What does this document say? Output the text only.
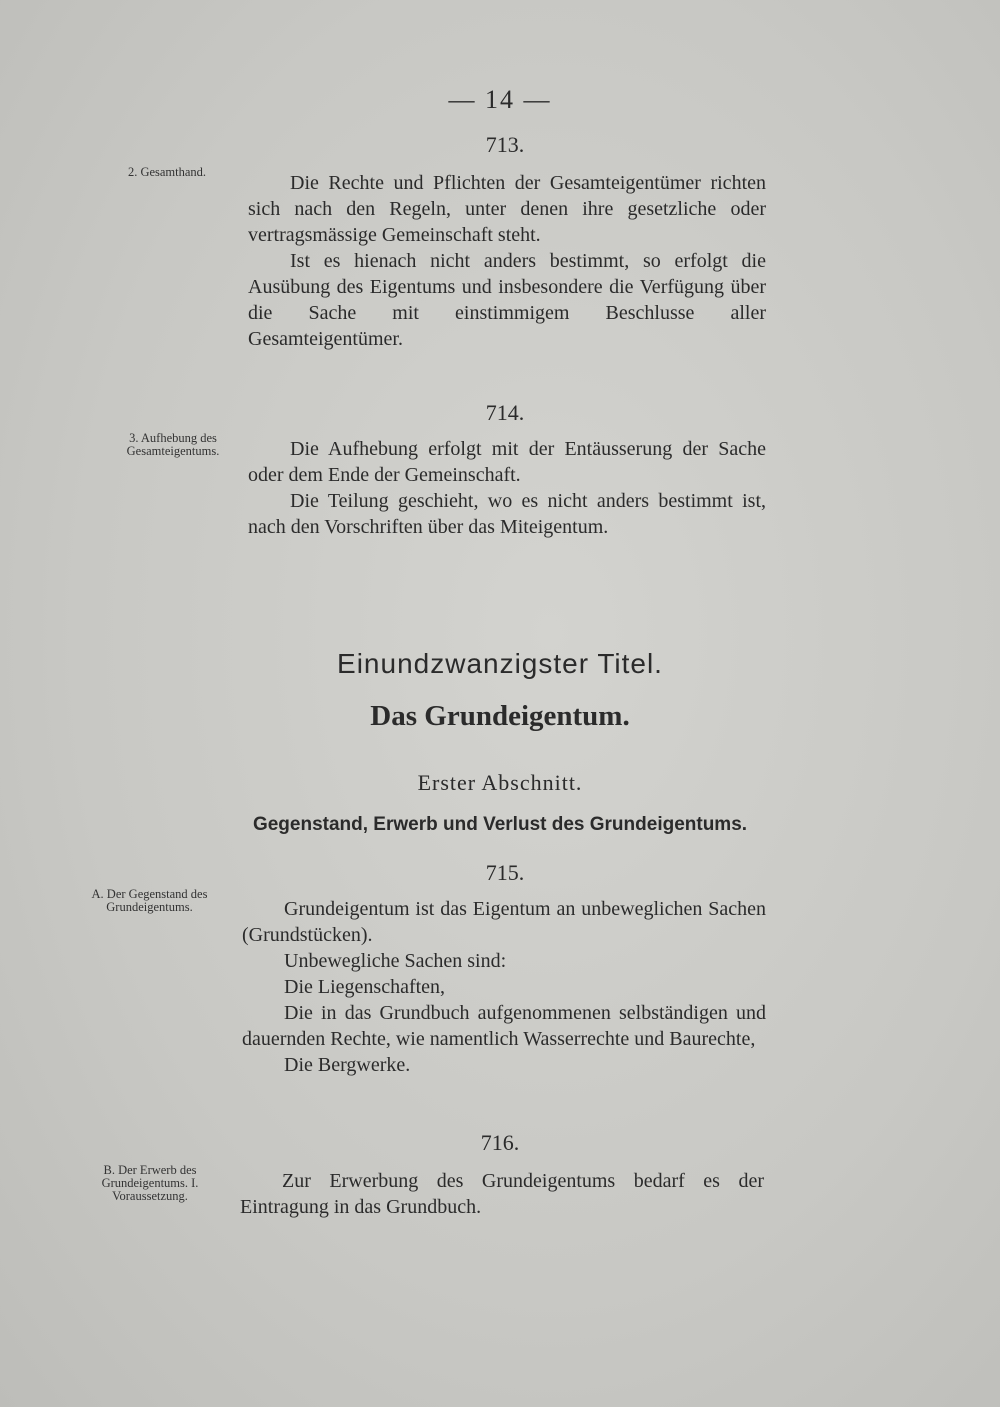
— 14 —
713.
2. Gesamthand.	Die Rechte und Pflichten der Gesamteigentümer richten sich nach den Regeln, unter denen ihre gesetzliche oder vertragsmässige Gemeinschaft steht.

Ist es hienach nicht anders bestimmt, so erfolgt die Ausübung des Eigentums und insbesondere die Verfügung über die Sache mit einstimmigem Beschlusse aller Gesamteigentümer.

714.
3. Aufhebung des Gesamteigentums.	Die Aufhebung erfolgt mit der Entäusserung der Sache oder dem Ende der Gemeinschaft.

Die Teilung geschieht, wo es nicht anders bestimmt ist, nach den Vorschriften über das Miteigentum.

Einundzwanzigster Titel.
Das Grundeigentum.
Erster Abschnitt.
Gegenstand, Erwerb und Verlust des Grundeigentums.
715.
A. Der Gegenstand des Grundeigentums.	Grundeigentum ist das Eigentum an unbeweglichen Sachen (Grundstücken).

Unbewegliche Sachen sind:

Die Liegenschaften,

Die in das Grundbuch aufgenommenen selbständigen und dauernden Rechte, wie namentlich Wasserrechte und Baurechte,

Die Bergwerke.

716.
B. Der Erwerb des Grundeigentums. I. Voraussetzung.

Zur Erwerbung des Grundeigentums bedarf es der Eintragung in das Grundbuch.
